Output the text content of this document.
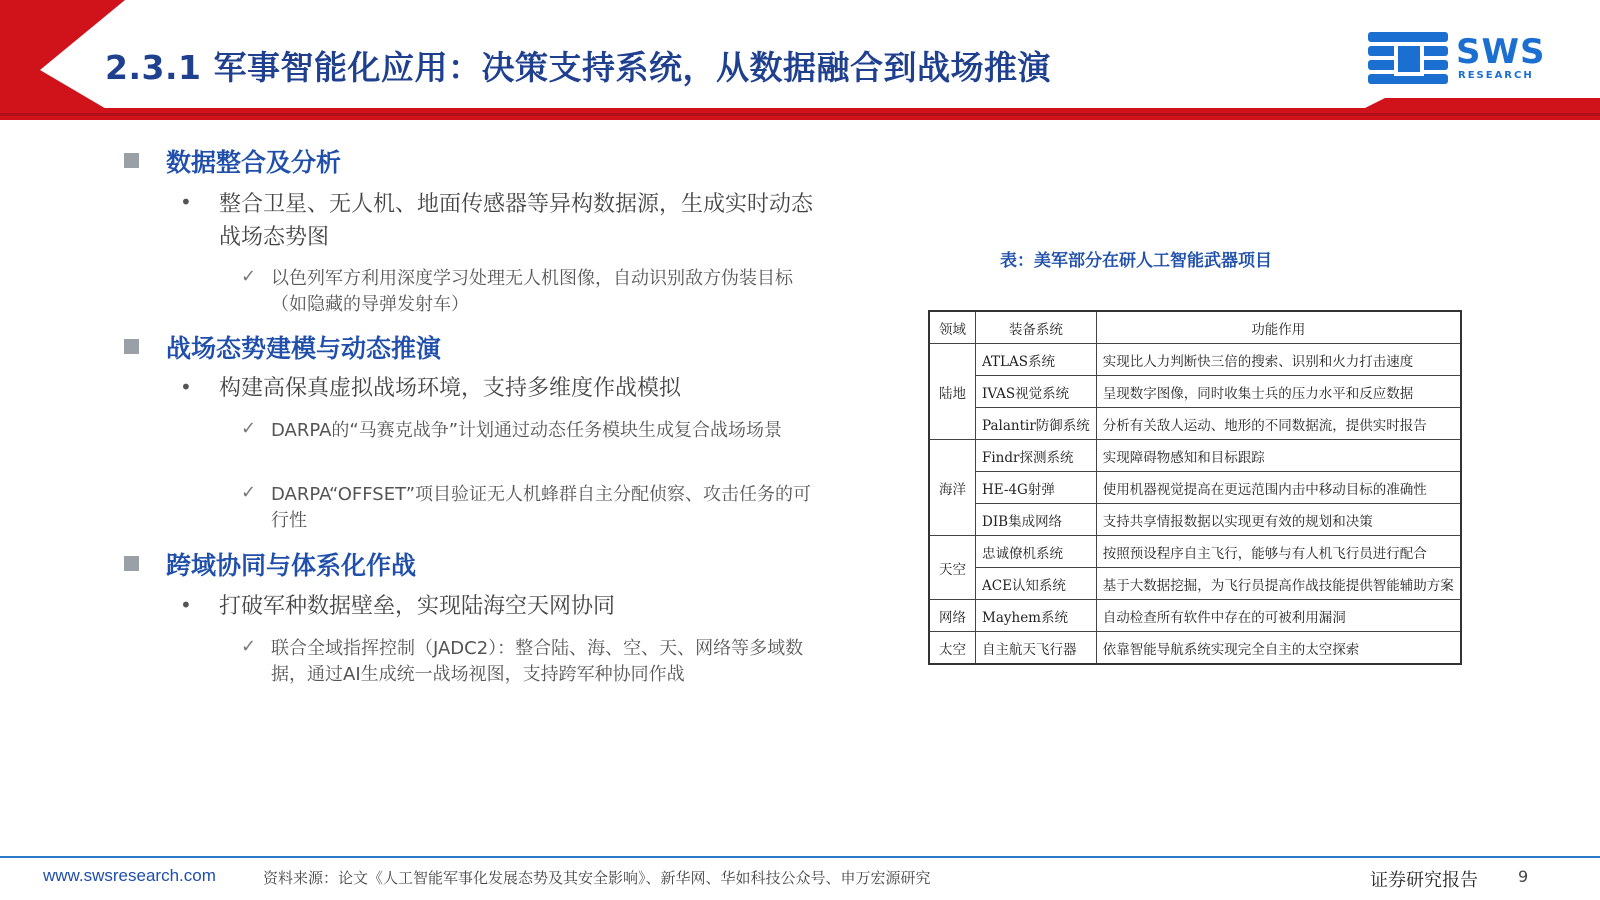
2.3.1 军事智能化应用：决策支持系统，从数据融合到战场推演	SWS
RESEARCH
数据整合及分析
• 整合卫星、无人机、地面传感器等异构数据源，生成实时动态战场态势图
✓ 以色列军方利用深度学习处理无人机图像，自动识别敌方伪装目标（如隐藏的导弹发射车）
战场态势建模与动态推演
• 构建高保真虚拟战场环境，支持多维度作战模拟
✓ DARPA的“马赛克战争”计划通过动态任务模块生成复合战场场景
✓ DARPA“OFFSET”项目验证无人机蜂群自主分配侦察、攻击任务的可行性
跨域协同与体系化作战
• 打破军种数据壁垒，实现陆海空天网协同
✓ 联合全域指挥控制（JADC2）：整合陆、海、空、天、网络等多域数据，通过AI生成统一战场视图，支持跨军种协同作战
表：美军部分在研人工智能武器项目
领域	装备系统	功能作用
陆地	ATLAS系统	实现比人力判断快三倍的搜索、识别和火力打击速度
	IVAS视觉系统	呈现数字图像，同时收集士兵的压力水平和反应数据
	Palantir防御系统	分析有关敌人运动、地形的不同数据流，提供实时报告
海洋	Findr探测系统	实现障碍物感知和目标跟踪
	HE-4G射弹	使用机器视觉提高在更远范围内击中移动目标的准确性
	DIB集成网络	支持共享情报数据以实现更有效的规划和决策
天空	忠诚僚机系统	按照预设程序自主飞行，能够与有人机飞行员进行配合
	ACE认知系统	基于大数据挖掘，为飞行员提高作战技能提供智能辅助方案
网络	Mayhem系统	自动检查所有软件中存在的可被利用漏洞
太空	自主航天飞行器	依靠智能导航系统实现完全自主的太空探索
www.swsresearch.com	资料来源：论文《人工智能军事化发展态势及其安全影响》、新华网、华如科技公众号、申万宏源研究	证券研究报告	9
